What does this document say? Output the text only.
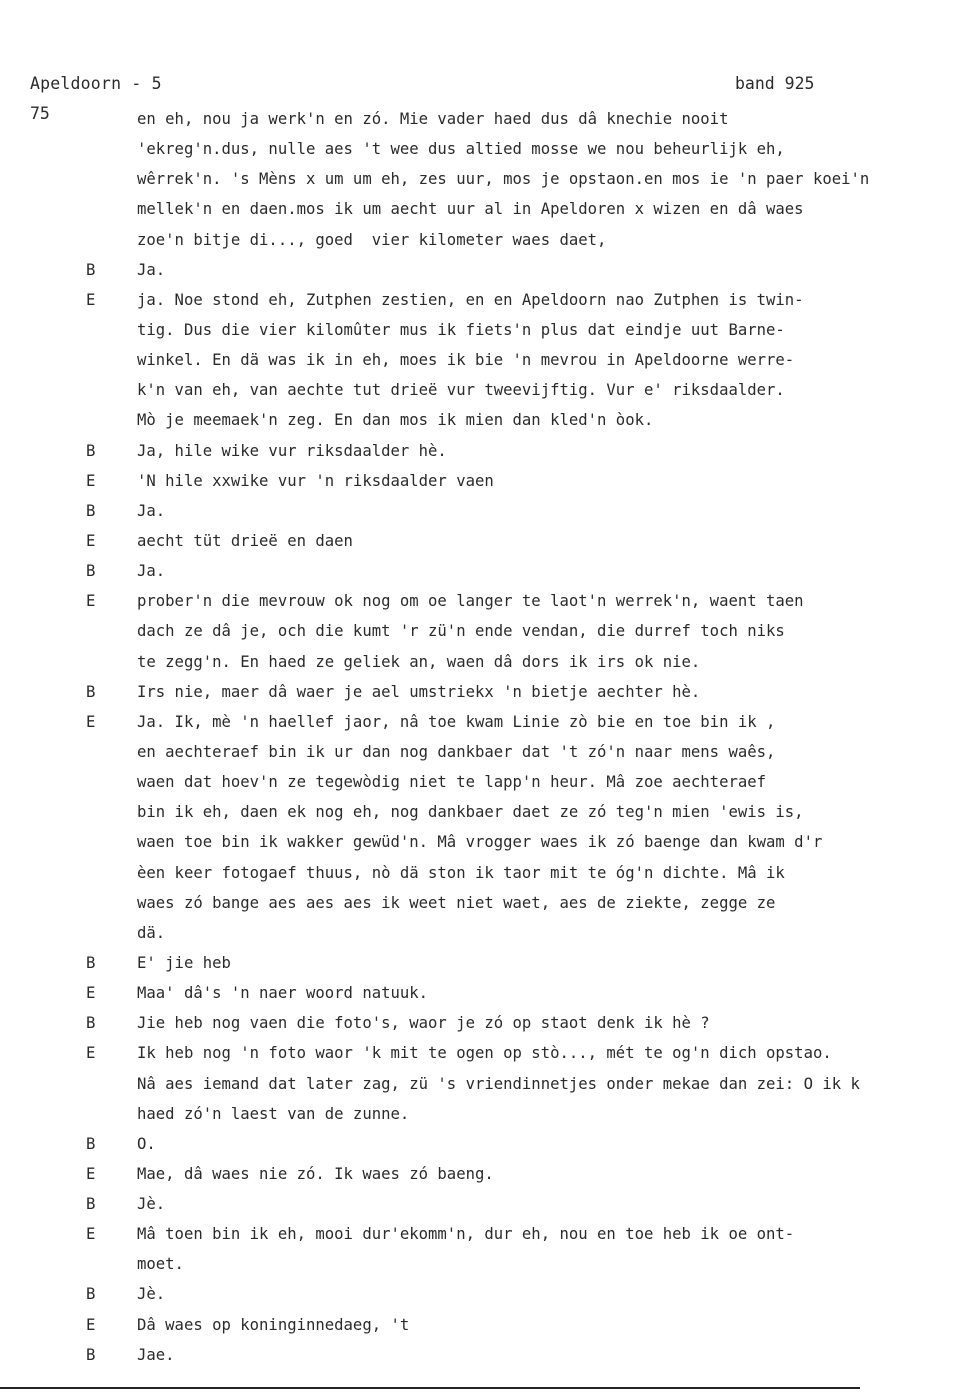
Apeldoorn - 5	band 925
75	en eh, nou ja werk'n en zó. Mie vader haed dus dâ knechie nooit
'ekreg'n.dus, nulle aes 't wee dus altied mosse we nou beheurlijk eh,
wêrrek'n. 's Mèns x um um eh, zes uur, mos je opstaon.en mos ie 'n paer koei'n
mellek'n en daen.mos ik um aecht uur al in Apeldoren x wizen en dâ waes
zoe'n bitje di..., goed  vier kilometer waes daet,
B	Ja.
E	ja. Noe stond eh, Zutphen zestien, en en Apeldoorn nao Zutphen is twin-
tig. Dus die vier kilomûter mus ik fiets'n plus dat eindje uut Barne-
winkel. En dä was ik in eh, moes ik bie 'n mevrou in Apeldoorne werre-
k'n van eh, van aechte tut drieë vur tweevijftig. Vur e' riksdaalder.
Mò je meemaek'n zeg. En dan mos ik mien dan kled'n òok.
B	Ja, hile wike vur riksdaalder hè.
E	'N hile xxwike vur 'n riksdaalder vaen
B	Ja.
E	aecht tüt drieë en daen
B	Ja.
E	prober'n die mevrouw ok nog om oe langer te laot'n werrek'n, waent taen
dach ze dâ je, och die kumt 'r zü'n ende vendan, die durref toch niks
te zegg'n. En haed ze geliek an, waen dâ dors ik irs ok nie.
B	Irs nie, maer dâ waer je ael umstriekx 'n bietje aechter hè.
E	Ja. Ik, mè 'n haellef jaor, nâ toe kwam Linie zò bie en toe bin ik ,
en aechteraef bin ik ur dan nog dankbaer dat 't zó'n naar mens waês,
waen dat hoev'n ze tegewòdig niet te lapp'n heur. Mâ zoe aechteraef
bin ik eh, daen ek nog eh, nog dankbaer daet ze zó teg'n mien 'ewis is,
waen toe bin ik wakker gewüd'n. Mâ vrogger waes ik zó baenge dan kwam d'r
èen keer fotogaef thuus, nò dä ston ik taor mit te óg'n dichte. Mâ ik
waes zó bange aes aes aes ik weet niet waet, aes de ziekte, zegge ze
dä.
B	E' jie heb
E	Maa' dâ's 'n naer woord natuuk.
B	Jie heb nog vaen die foto's, waor je zó op staot denk ik hè ?
E	Ik heb nog 'n foto waor 'k mit te ogen op stò..., mét te og'n dich opstao.
Nâ aes iemand dat later zag, zü 's vriendinnetjes onder mekae dan zei: O ik k
haed zó'n laest van de zunne.
B	O.
E	Mae, dâ waes nie zó. Ik waes zó baeng.
B	Jè.
E	Mâ toen bin ik eh, mooi dur'ekomm'n, dur eh, nou en toe heb ik oe ont-
moet.
B	Jè.
E	Dâ waes op koninginnedaeg, 't
B	Jae.
